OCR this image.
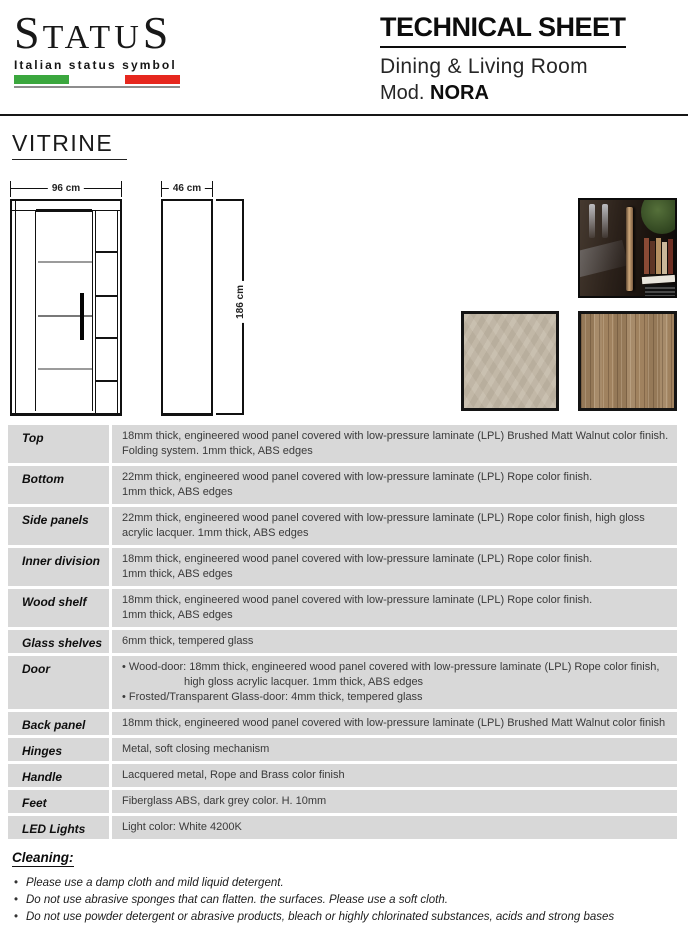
STATUS
Italian status symbol
TECHNICAL SHEET
Dining & Living Room
Mod. NORA
VITRINE
96 cm	46 cm
186 cm
Top	18mm thick, engineered wood panel covered with low-pressure laminate (LPL) Brushed Matt Walnut color finish.
Folding system. 1mm thick, ABS edges
Bottom	22mm thick, engineered wood panel covered with low-pressure laminate (LPL) Rope color finish.
1mm thick, ABS edges
Side panels	22mm thick, engineered wood panel covered with low-pressure laminate (LPL) Rope color finish, high gloss
acrylic lacquer. 1mm thick, ABS edges
Inner division	18mm thick, engineered wood panel covered with low-pressure laminate (LPL) Rope color finish.
1mm thick, ABS edges
Wood shelf	18mm thick, engineered wood panel covered with low-pressure laminate (LPL) Rope color finish.
1mm thick, ABS edges
Glass shelves	6mm thick, tempered glass
Door	• Wood-door: 18mm thick, engineered wood panel covered with low-pressure laminate (LPL) Rope color finish,
high gloss acrylic lacquer. 1mm thick, ABS edges
• Frosted/Transparent Glass-door: 4mm thick, tempered glass
Back panel	18mm thick, engineered wood panel covered with low-pressure laminate (LPL) Brushed Matt Walnut color finish
Hinges	Metal, soft closing mechanism
Handle	Lacquered metal, Rope and Brass color finish
Feet	Fiberglass ABS, dark grey color. H. 10mm
LED Lights	Light color: White 4200K
Cleaning:
• Please use a damp cloth and mild liquid detergent.
• Do not use abrasive sponges that can flatten. the surfaces. Please use a soft cloth.
• Do not use powder detergent or abrasive products, bleach or highly chlorinated substances, acids and strong bases
